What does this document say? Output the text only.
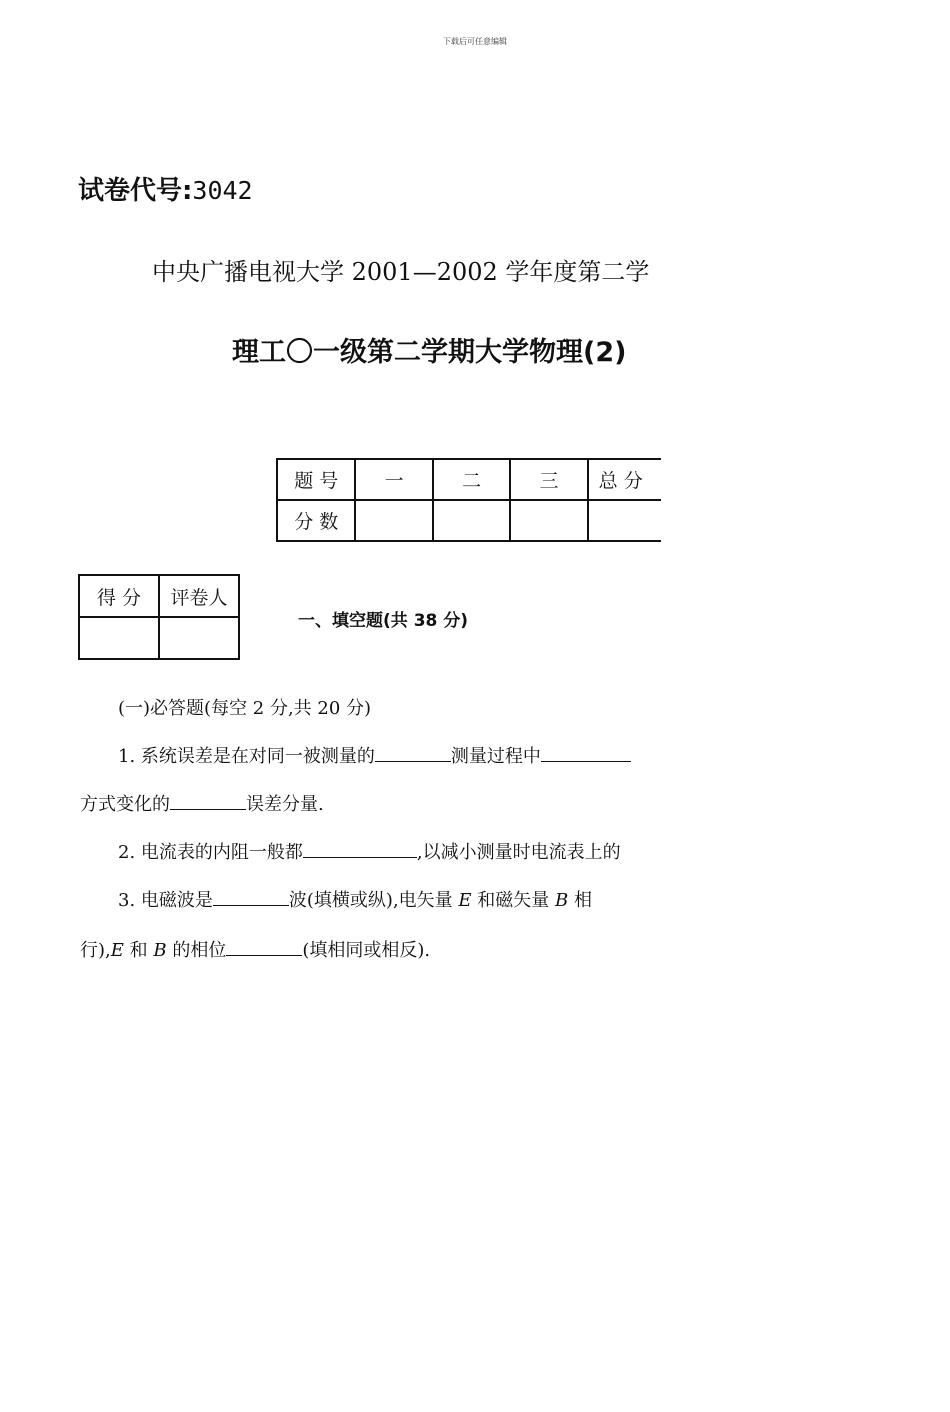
下载后可任意编辑
试卷代号:3042
中央广播电视大学 2001—2002 学年度第二学
理工〇一级第二学期大学物理(2)
题 号	一	二	三	总 分
分 数				
得 分	评卷人

一、填空题(共 38 分)
(一)必答题(每空 2 分,共 20 分)
1. 系统误差是在对同一被测量的	测量过程中
方式变化的	误差分量.
2. 电流表的内阻一般都	,以减小测量时电流表上的
3. 电磁波是	波(填横或纵),电矢量 E 和磁矢量 B 相
行),E 和 B 的相位	(填相同或相反).
